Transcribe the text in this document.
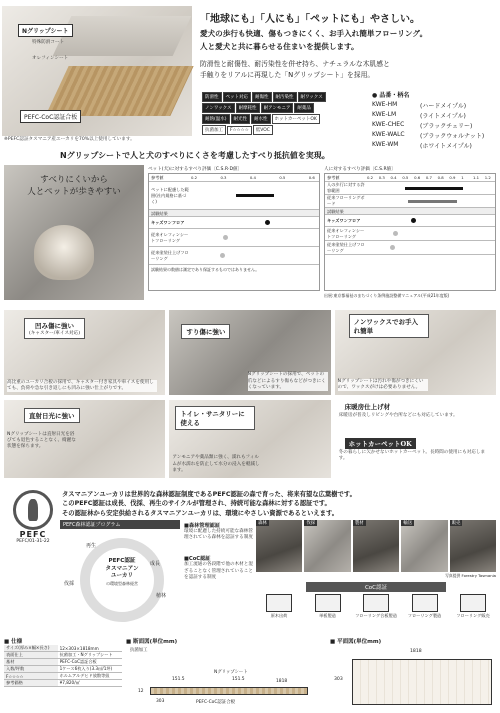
Nグリップシート
特殊防滑コート
オレフィンシート
PEFC-CoC認証合板
※PEFC認証タスマニア産ユーカリを70%以上使用しています。
「地球にも」「人にも」「ペットにも」やさしい。
愛犬の歩行も快適、傷もつきにくく、お手入れ簡単フローリング。
人と愛犬と共に暮らせる住まいを提供します。
防滑性と耐傷性、耐汚染性を併せ持ち、ナチュラルな木肌感と
手触りをリアルに再現した「Nグリップシート」を採用。
防滑性 ペット対応 耐傷性 耐汚染性 耐ワックスノンワックス 耐摩耗性 耐アンモニア 耐薬品耐熱(温水) 耐光性 耐水性 ホットカーペットOK抗菌加工 F☆☆☆☆ 低VOC
● 品番・柄名
KWE-HM	(ハードメイプル)
KWE-LM	(ライトメイプル)
KWE-CHEC	(ブラックチェリー)
KWE-WALC	(ブラックウォルナット)
KWE-WM	(ホワイトメイプル)
Nグリップシートで人と犬のすべりにくさを考慮したすべり抵抗値を実現。
すべりにくいから
人とペットが歩きやすい
ペット(犬)に対するすべり評価〔C.S.R·D値〕
参考値	0.2	0.3	0.4	0.5	0.6
ペットに配慮した範囲(社内規格に基づく)
試験結果
キッズワンフロア
従来オレフィンシートフローリング
従来塗装仕上げフローリング
試験結果の数値は測定であり保証するものではありません。
人に対するすべり評価〔C.S.R値〕
参考値	0.2 0.3 0.4 0.5 0.6 0.7 0.8 0.9 1 1.1 1.2
人の歩行に対する許容範囲
従来フローリングボード
試験結果
キッズワンフロア
従来オレフィンシートフローリング
従来塗装仕上げフローリング
出展:東京都福祉のまちづくり条例施設整備マニュアル(平成21年度版)
凹み傷に強い
(キャスター/車イス対応)
高比重のユーカリ合板の採用で、キャスター付き家具や車イスを使用しても、負荷や急な引き返しにも凹みに強い仕上がりです。
すり傷に強い
Nグリップシートの採用で、ペットの爪などによるすり傷もなどがつきにくくなっています。
ノンワックスでお手入れ簡単
Nグリップシートは汚れや傷がつきにくいので、ワックスがけは必要ありません。
直射日光に強い
Nグリップシートは直射日光を浴びても退色することなく、綺麗な状態を保ちます。
トイレ・サニタリーに使える
アンモニアや薬品類に強く、濡れもフィルムが水濡れを防止して水分の浸入を軽減します。
床暖房仕上げ材
床暖房が普及しリビングや台所などにも対応しています。
ホットカーペットOK
冬の暮らしに欠かせないホットカーペット。長時間の使用にも対応します。
PEFC
PEFC/01-31-22
タスマニアンユーカリは世界的な森林認証制度であるPEFC認証の森で育った、将来有望な広葉樹です。
このPEFC認証は成長、伐採、再生のサイクルが管理され、持続可能な森林に対する認証です。
その認証林から安定供給されるタスマニアンユーカリは、環境にやさしい資源であるといえます。
PEFC森林認証プログラム
PEFC認証
タスマニアン
ユーカリ
の環境型森林経営
再生
伐採
成長
植林
■森林管理認証
環境に配慮した持続可能な森林管理されている森林を認証する制度
■CoC認証
加工流通の各段階で他の木材と混ざることなく管理されていることを認証する制度
森林	伐採	製材	輸送	販売
写真提供 Forestry Tasmania
CoC認証
原木出荷	単板製造	フローリング合板製造	フローリング製造	フローリング販売
■ 仕様
サイズ(厚み×幅×長さ)	12×303×1818mm
表面仕上	抗菌加工・Nグリップシート
基材	PEFC-CoC認証合板
入数/坪数	1ケース6枚入り(3.3㎡/1坪)
F☆☆☆☆	ホルムアルデヒド放散等級
参考価格	¥7,820/㎡
■ 断面図(単位mm)
抗菌加工
Nグリップシート
PEFC-CoC認証合板
151.5	151.5	1818
303
12
■ 平面図(単位mm)
1818
303
